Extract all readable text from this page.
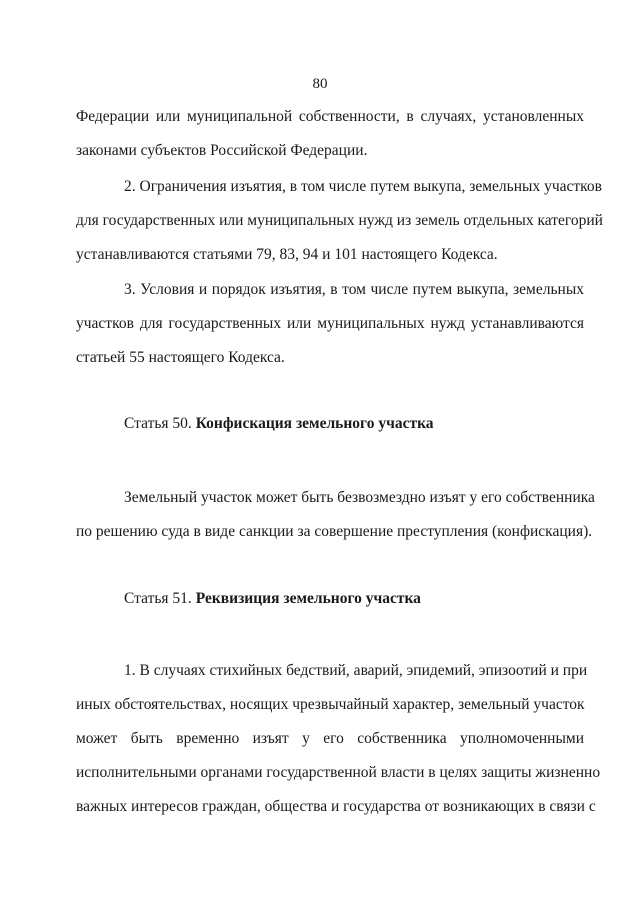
80
Федерации или муниципальной собственности, в случаях, установленных
законами субъектов Российской Федерации.
2. Ограничения изъятия, в том числе путем выкупа, земельных участков
для государственных или муниципальных нужд из земель отдельных категорий
устанавливаются статьями 79, 83, 94 и 101 настоящего Кодекса.
3. Условия и порядок изъятия, в том числе путем выкупа, земельных
участков для государственных или муниципальных нужд устанавливаются
статьей 55 настоящего Кодекса.
Статья 50. Конфискация земельного участка
Земельный участок может быть безвозмездно изъят у его собственника
по решению суда в виде санкции за совершение преступления (конфискация).
Статья 51. Реквизиция земельного участка
1. В случаях стихийных бедствий, аварий, эпидемий, эпизоотий и при
иных обстоятельствах, носящих чрезвычайный характер, земельный участок
может быть временно изъят у его собственника уполномоченными
исполнительными органами государственной власти в целях защиты жизненно
важных интересов граждан, общества и государства от возникающих в связи с
